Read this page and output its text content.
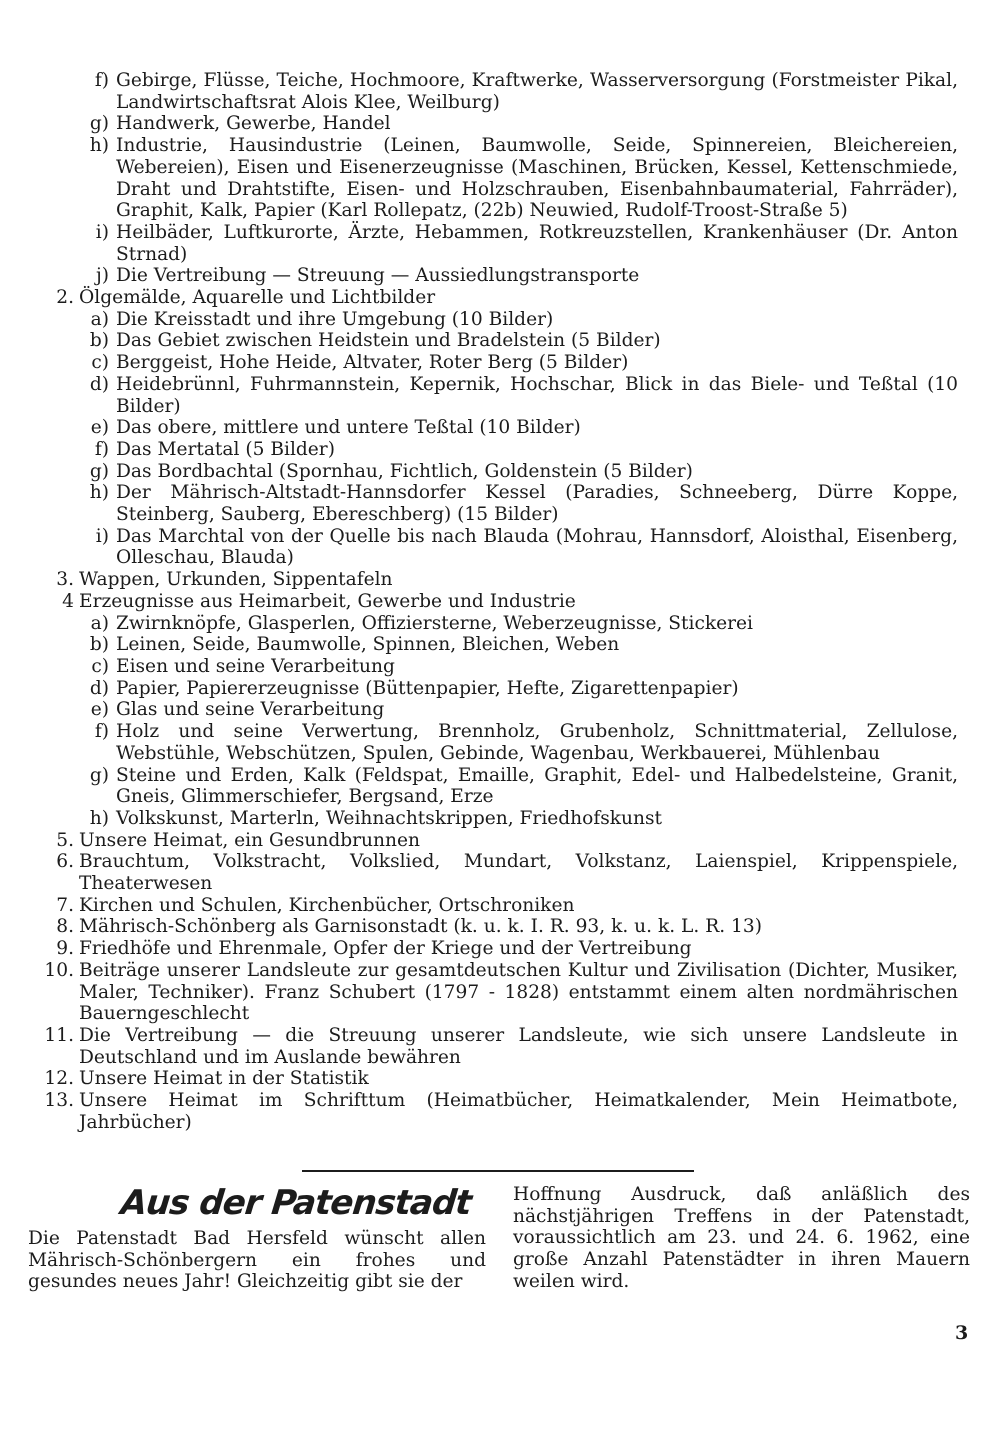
f) Gebirge, Flüsse, Teiche, Hochmoore, Kraftwerke, Wasserversorgung (Forstmeister Pikal, Landwirtschaftsrat Alois Klee, Weilburg)
g) Handwerk, Gewerbe, Handel
h) Industrie, Hausindustrie (Leinen, Baumwolle, Seide, Spinnereien, Bleichereien, Webereien), Eisen und Eisenerzeugnisse (Maschinen, Brücken, Kessel, Kettenschmiede, Draht und Drahtstifte, Eisen- und Holzschrauben, Eisenbahnbaumaterial, Fahrräder), Graphit, Kalk, Papier (Karl Rollepatz, (22b) Neuwied, Rudolf-Troost-Straße 5)
i) Heilbäder, Luftkurorte, Ärzte, Hebammen, Rotkreuzstellen, Krankenhäuser (Dr. Anton Strnad)
j) Die Vertreibung — Streuung — Aussiedlungstransporte
2. Ölgemälde, Aquarelle und Lichtbilder
a) Die Kreisstadt und ihre Umgebung (10 Bilder)
b) Das Gebiet zwischen Heidstein und Bradelstein (5 Bilder)
c) Berggeist, Hohe Heide, Altvater, Roter Berg (5 Bilder)
d) Heidebrünnl, Fuhrmannstein, Kepernik, Hochschar, Blick in das Biele- und Teßtal (10 Bilder)
e) Das obere, mittlere und untere Teßtal (10 Bilder)
f) Das Mertatal (5 Bilder)
g) Das Bordbachtal (Spornhau, Fichtlich, Goldenstein (5 Bilder)
h) Der Mährisch-Altstadt-Hannsdorfer Kessel (Paradies, Schneeberg, Dürre Koppe, Steinberg, Sauberg, Ebereschberg) (15 Bilder)
i) Das Marchtal von der Quelle bis nach Blauda (Mohrau, Hannsdorf, Aloisthal, Eisenberg, Olleschau, Blauda)
3. Wappen, Urkunden, Sippentafeln
4 Erzeugnisse aus Heimarbeit, Gewerbe und Industrie
a) Zwirnknöpfe, Glasperlen, Offiziersterne, Weberzeugnisse, Stickerei
b) Leinen, Seide, Baumwolle, Spinnen, Bleichen, Weben
c) Eisen und seine Verarbeitung
d) Papier, Papiererzeugnisse (Büttenpapier, Hefte, Zigarettenpapier)
e) Glas und seine Verarbeitung
f) Holz und seine Verwertung, Brennholz, Grubenholz, Schnittmaterial, Zellulose, Webstühle, Webschützen, Spulen, Gebinde, Wagenbau, Werkbauerei, Mühlenbau
g) Steine und Erden, Kalk (Feldspat, Emaille, Graphit, Edel- und Halbedelsteine, Granit, Gneis, Glimmerschiefer, Bergsand, Erze
h) Volkskunst, Marterln, Weihnachtskrippen, Friedhofskunst
5. Unsere Heimat, ein Gesundbrunnen
6. Brauchtum, Volkstracht, Volkslied, Mundart, Volkstanz, Laienspiel, Krippenspiele, Theaterwesen
7. Kirchen und Schulen, Kirchenbücher, Ortschroniken
8. Mährisch-Schönberg als Garnisonstadt (k. u. k. I. R. 93, k. u. k. L. R. 13)
9. Friedhöfe und Ehrenmale, Opfer der Kriege und der Vertreibung
10. Beiträge unserer Landsleute zur gesamtdeutschen Kultur und Zivilisation (Dichter, Musiker, Maler, Techniker). Franz Schubert (1797 - 1828) entstammt einem alten nordmährischen Bauerngeschlecht
11. Die Vertreibung — die Streuung unserer Landsleute, wie sich unsere Landsleute in Deutschland und im Auslande bewähren
12. Unsere Heimat in der Statistik
13. Unsere Heimat im Schrifttum (Heimatbücher, Heimatkalender, Mein Heimatbote, Jahrbücher)
Aus der Patenstadt
Die Patenstadt Bad Hersfeld wünscht allen Mährisch-Schönbergern ein frohes und gesundes neues Jahr! Gleichzeitig gibt sie der
Hoffnung Ausdruck, daß anläßlich des nächstjährigen Treffens in der Patenstadt, voraussichtlich am 23. und 24. 6. 1962, eine große Anzahl Patenstädter in ihren Mauern weilen wird.
3
